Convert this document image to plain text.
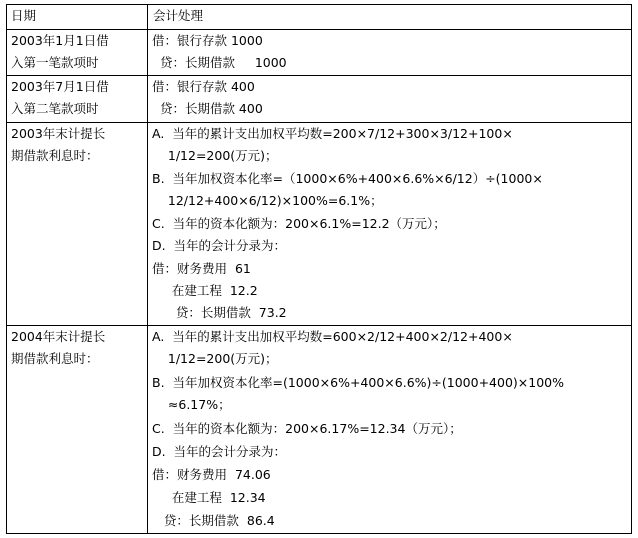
日期	会计处理
2003年1月1日借
入第一笔款项时
借：银行存款 1000
贷：长期借款     1000
2003年7月1日借
入第二笔款项时
借：银行存款 400
贷：长期借款 400
2003年末计提长
期借款利息时：
A.  当年的累计支出加权平均数=200×7/12+300×3/12+100×
1/12=200(万元)；
B.  当年加权资本化率=（1000×6%+400×6.6%×6/12）÷(1000×
12/12+400×6/12)×100%=6.1%；
C.  当年的资本化额为：200×6.1%=12.2（万元）；
D.  当年的会计分录为：
借：财务费用  61
在建工程  12.2
贷：长期借款  73.2
2004年末计提长
期借款利息时：
A.  当年的累计支出加权平均数=600×2/12+400×2/12+400×
1/12=200(万元)；
B.  当年加权资本化率=(1000×6%+400×6.6%)÷(1000+400)×100%
≈6.17%；
C.  当年的资本化额为：200×6.17%=12.34（万元）；
D.  当年的会计分录为：
借：财务费用  74.06
在建工程  12.34
贷：长期借款  86.4
